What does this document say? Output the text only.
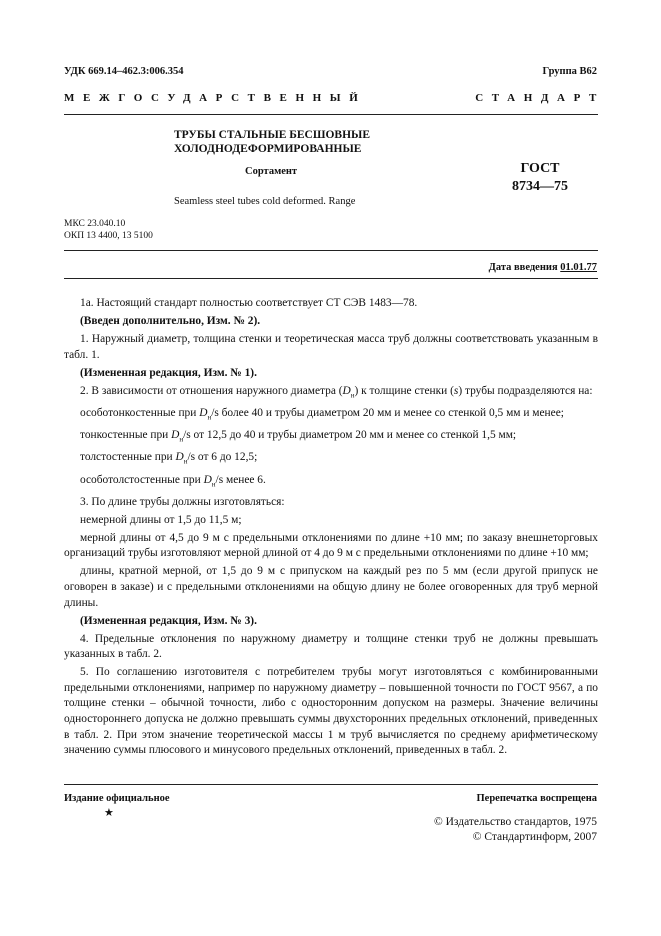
УДК 669.14–462.3:006.354	Группа В62
МЕЖГОСУДАРСТВЕННЫЙ	СТАНДАРТ
ТРУБЫ СТАЛЬНЫЕ БЕСШОВНЫЕ
ХОЛОДНОДЕФОРМИРОВАННЫЕ
Сортамент
Seamless steel tubes cold deformed. Range
ГОСТ
8734—75
МКС 23.040.10
ОКП 13 4400, 13 5100
Дата введения 01.01.77

1а. Настоящий стандарт полностью соответствует СТ СЭВ 1483—78.

(Введен дополнительно, Изм. № 2).

1. Наружный диаметр, толщина стенки и теоретическая масса труб должны соответствовать указанным в табл. 1.

(Измененная редакция, Изм. № 1).

2. В зависимости от отношения наружного диаметра $(D_н)$ к толщине стенки (s) трубы подразделяются на:

особотонкостенные при $D_н/s$ более 40 и трубы диаметром 20 мм и менее со стенкой 0,5 мм и менее;

тонкостенные при $D_н/s$ от 12,5 до 40 и трубы диаметром 20 мм и менее со стенкой 1,5 мм;

толстостенные при $D_н/s$ от 6 до 12,5;

особотолстостенные при $D_н/s$ менее 6.

3. По длине трубы должны изготовляться:

немерной длины от 1,5 до 11,5 м;

мерной длины от 4,5 до 9 м с предельными отклонениями по длине +10 мм; по заказу внешнеторговых организаций трубы изготовляют мерной длиной от 4 до 9 м с предельными отклонениями по длине +10 мм;

длины, кратной мерной, от 1,5 до 9 м с припуском на каждый рез по 5 мм (если другой припуск не оговорен в заказе) и с предельными отклонениями на общую длину не более оговоренных для труб мерной длины.

(Измененная редакция, Изм. № 3).

4. Предельные отклонения по наружному диаметру и толщине стенки труб не должны превышать указанных в табл. 2.

5. По соглашению изготовителя с потребителем трубы могут изготовляться с комбинированными предельными отклонениями, например по наружному диаметру – повышенной точности по ГОСТ 9567, а по толщине стенки – обычной точности, либо с односторонним допуском на размеры. Значение величины одностороннего допуска не должно превышать суммы двухсторонних предельных отклонений, приведенных в табл. 2. При этом значение теоретической массы 1 м труб вычисляется по среднему арифметическому значению суммы плюсового и минусового предельных отклонений, приведенных в табл. 2.

Издание официальное
★
Перепечатка воспрещена
© Издательство стандартов, 1975
© Стандартинформ, 2007
